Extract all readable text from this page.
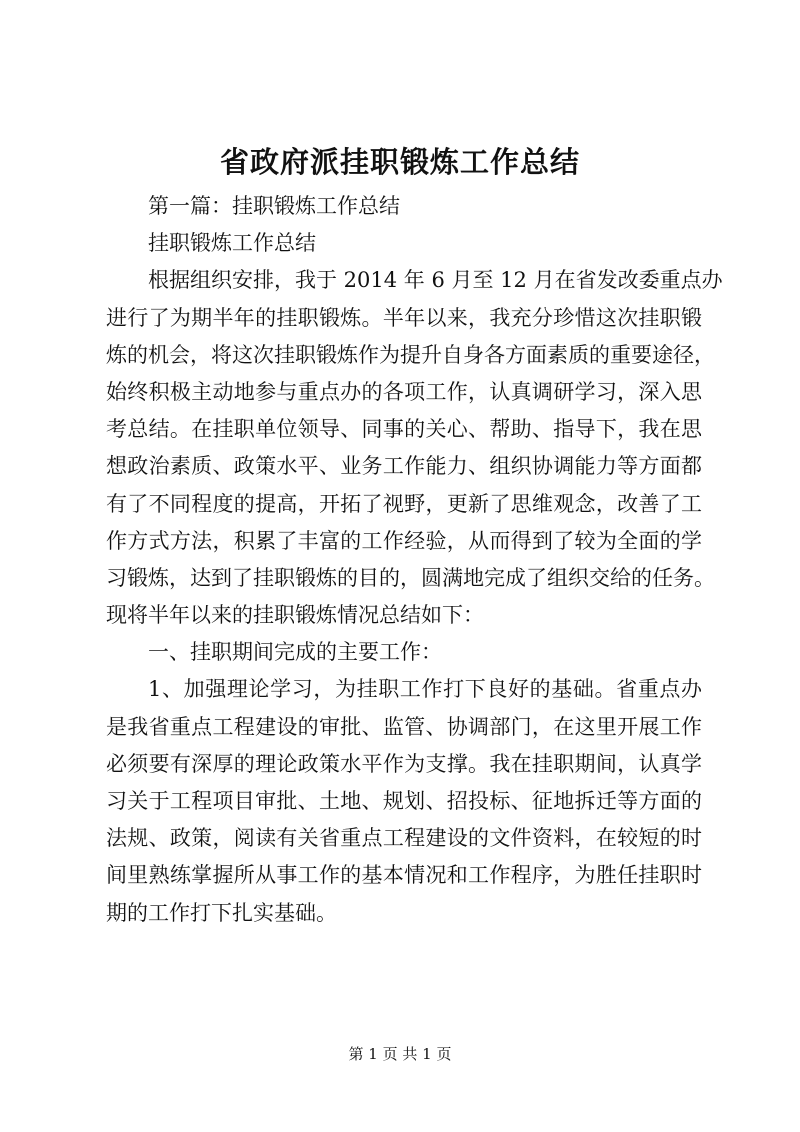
省政府派挂职锻炼工作总结
第一篇：挂职锻炼工作总结
挂职锻炼工作总结
根据组织安排，我于 2014 年 6 月至 12 月在省发改委重点办
进行了为期半年的挂职锻炼。半年以来，我充分珍惜这次挂职锻
炼的机会，将这次挂职锻炼作为提升自身各方面素质的重要途径，
始终积极主动地参与重点办的各项工作，认真调研学习，深入思
考总结。在挂职单位领导、同事的关心、帮助、指导下，我在思
想政治素质、政策水平、业务工作能力、组织协调能力等方面都
有了不同程度的提高，开拓了视野，更新了思维观念，改善了工
作方式方法，积累了丰富的工作经验，从而得到了较为全面的学
习锻炼，达到了挂职锻炼的目的，圆满地完成了组织交给的任务。
现将半年以来的挂职锻炼情况总结如下：
一、挂职期间完成的主要工作：
1、加强理论学习，为挂职工作打下良好的基础。省重点办
是我省重点工程建设的审批、监管、协调部门，在这里开展工作
必须要有深厚的理论政策水平作为支撑。我在挂职期间，认真学
习关于工程项目审批、土地、规划、招投标、征地拆迁等方面的
法规、政策，阅读有关省重点工程建设的文件资料，在较短的时
间里熟练掌握所从事工作的基本情况和工作程序，为胜任挂职时
期的工作打下扎实基础。
第 1 页 共 1 页
